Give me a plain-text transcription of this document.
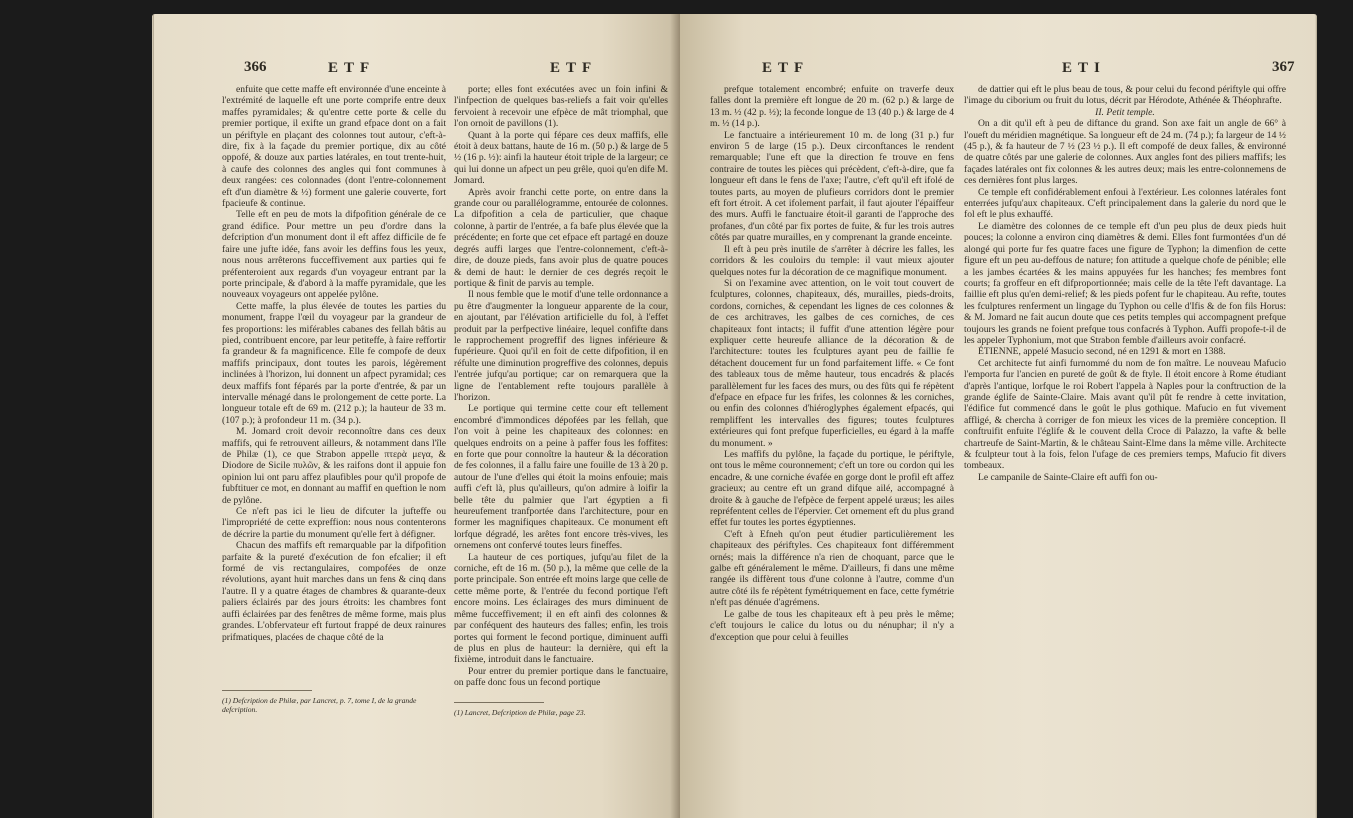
366	ETF	ETF

enfuite que cette maffe eft environnée d'une enceinte à l'extrémité de laquelle eft une porte comprife entre deux maffes pyramidales; & qu'entre cette porte & celle du premier portique, il exifte un grand efpace dont on a fait un périftyle en plaçant des colonnes tout autour, c'eft-à-dire, fix à la façade du premier portique, dix au côté oppofé, & douze aux parties latérales, en tout trente-huit, à caufe des colonnes des angles qui font communes à deux rangées: ces colonnades (dont l'entre-colonnement eft d'un diamètre & ½) forment une galerie couverte, fort fpacieufe & continue.

Telle eft en peu de mots la difpofition générale de ce grand édifice. Pour mettre un peu d'ordre dans la defcription d'un monument dont il eft affez difficile de fe faire une jufte idée, fans avoir les deffins fous les yeux, nous nous arrêterons fucceffivement aux parties qui fe préfenteroient aux regards d'un voyageur entrant par la porte principale, & d'abord à la maffe pyramidale, que les nouveaux voyageurs ont appelée pylône.

Cette maffe, la plus élevée de toutes les parties du monument, frappe l'œil du voyageur par la grandeur de fes proportions: les miférables cabanes des fellah bâtis au pied, contribuent encore, par leur petiteffe, à faire reffortir fa grandeur & fa magnificence. Elle fe compofe de deux maffifs principaux, dont toutes les parois, légèrement inclinées à l'horizon, lui donnent un afpect pyramidal; ces deux maffifs font féparés par la porte d'entrée, & par un intervalle ménagé dans le prolongement de cette porte. La longueur totale eft de 69 m. (212 p.); la hauteur de 33 m. (107 p.); à profondeur 11 m. (34 p.).

M. Jomard croit devoir reconnoître dans ces deux maffifs, qui fe retrouvent ailleurs, & notamment dans l'île de Philæ (1), ce que Strabon appelle πτερὰ μεγα, & Diodore de Sicile πυλῶν, & les raifons dont il appuie fon opinion lui ont paru affez plaufibles pour qu'il propofe de fubftituer ce mot, en donnant au maffif en queftion le nom de pylône.

Ce n'eft pas ici le lieu de difcuter la jufteffe ou l'impropriété de cette expreffion: nous nous contenterons de décrire la partie du monument qu'elle fert à défigner.

Chacun des maffifs eft remarquable par la difpofition parfaite & la pureté d'exécution de fon efcalier; il eft formé de vis rectangulaires, compofées de onze révolutions, ayant huit marches dans un fens & cinq dans l'autre. Il y a quatre étages de chambres & quarante-deux paliers éclairés par des jours étroits: les chambres font auffi éclairées par des fenêtres de même forme, mais plus grandes. L'obfervateur eft furtout frappé de deux rainures prifmatiques, placées de chaque côté de la

(1) Defcription de Philæ, par Lancret, p. 7, tome I, de la grande defcription.

porte; elles font exécutées avec un foin infini & l'infpection de quelques bas-reliefs a fait voir qu'elles fervoient à recevoir une efpèce de mât triomphal, que l'on ornoit de pavillons (1).

Quant à la porte qui fépare ces deux maffifs, elle étoit à deux battans, haute de 16 m. (50 p.) & large de 5 ½ (16 p. ½): ainfi la hauteur étoit triple de la largeur; ce qui lui donne un afpect un peu grêle, quoi qu'en dife M. Jomard.

Après avoir franchi cette porte, on entre dans la grande cour ou parallélogramme, entourée de colonnes. La difpofition a cela de particulier, que chaque colonne, à partir de l'entrée, a fa bafe plus élevée que la précédente; en forte que cet efpace eft partagé en douze degrés auffi larges que l'entre-colonnement, c'eft-à-dire, de douze pieds, fans avoir plus de quatre pouces & demi de haut: le dernier de ces degrés reçoit le portique & finit de parvis au temple.

Il nous femble que le motif d'une telle ordonnance a pu être d'augmenter la longueur apparente de la cour, en ajoutant, par l'élévation artificielle du fol, à l'effet produit par la perfpective linéaire, lequel confifte dans le rapprochement progreffif des lignes inférieure & fupérieure. Quoi qu'il en foit de cette difpofition, il en réfulte une diminution progreffive des colonnes, depuis l'entrée jufqu'au portique; car on remarquera que la ligne de l'entablement refte toujours parallèle à l'horizon.

Le portique qui termine cette cour eft tellement encombré d'immondices dépofées par les fellah, que l'on voit à peine les chapiteaux des colonnes: en quelques endroits on a peine à paffer fous les foffites: en forte que pour connoître la hauteur & la décoration de fes colonnes, il a fallu faire une fouille de 13 à 20 p. autour de l'une d'elles qui étoit la moins enfouie; mais auffi c'eft là, plus qu'ailleurs, qu'on admire à loifir la belle tête du palmier que l'art égyptien a fi heureufement tranfportée dans l'architecture, pour en former les magnifiques chapiteaux. Ce monument eft lorfque dégradé, les arêtes font encore très-vives, les ornemens ont confervé toutes leurs fineffes.

La hauteur de ces portiques, jufqu'au filet de la corniche, eft de 16 m. (50 p.), la même que celle de la porte principale. Son entrée eft moins large que celle de cette même porte, & l'entrée du fecond portique l'eft encore moins. Les éclairages des murs diminuent de même fucceffivement; il en eft ainfi des colonnes & par conféquent des hauteurs des falles; enfin, les trois portes qui forment le fecond portique, diminuent auffi de plus en plus de hauteur: la dernière, qui eft la fixième, introduit dans le fanctuaire.

Pour entrer du premier portique dans le fanctuaire, on paffe donc fous un fecond portique

(1) Lancret, Defcription de Philæ, page 23.
ETF	ETI	367

prefque totalement encombré; enfuite on traverfe deux falles dont la première eft longue de 20 m. (62 p.) & large de 13 m. ½ (42 p. ½); la feconde longue de 13 (40 p.) & large de 4 m. ½ (14 p.).

Le fanctuaire a intérieurement 10 m. de long (31 p.) fur environ 5 de large (15 p.). Deux circonftances le rendent remarquable; l'une eft que la direction fe trouve en fens contraire de toutes les pièces qui précèdent, c'eft-à-dire, que fa longueur eft dans le fens de l'axe; l'autre, c'eft qu'il eft ifolé de toutes parts, au moyen de plufieurs corridors dont le premier eft fort étroit. A cet ifolement parfait, il faut ajouter l'épaiffeur des murs. Auffi le fanctuaire étoit-il garanti de l'approche des profanes, d'un côté par fix portes de fuite, & fur les trois autres côtés par quatre murailles, en y comprenant la grande enceinte.

Il eft à peu près inutile de s'arrêter à décrire les falles, les corridors & les couloirs du temple: il vaut mieux ajouter quelques notes fur la décoration de ce magnifique monument.

Si on l'examine avec attention, on le voit tout couvert de fculptures, colonnes, chapiteaux, dés, murailles, pieds-droits, cordons, corniches, & cependant les lignes de ces colonnes & de ces architraves, les galbes de ces corniches, de ces chapiteaux font intacts; il fuffit d'une attention légère pour expliquer cette heureufe alliance de la décoration & de l'architecture: toutes les fculptures ayant peu de faillie fe détachent doucement fur un fond parfaitement liffe. « Ce font des tableaux tous de même hauteur, tous encadrés & placés parallèlement fur les faces des murs, ou des fûts qui fe répètent d'efpace en efpace fur les frifes, les colonnes & les corniches, ou enfin des colonnes d'hiéroglyphes également efpacés, qui rempliffent les intervalles des figures; toutes fculptures extérieures qui font prefque fuperficielles, eu égard à la maffe du monument. »

Les maffifs du pylône, la façade du portique, le périftyle, ont tous le même couronnement; c'eft un tore ou cordon qui les encadre, & une corniche évafée en gorge dont le profil eft affez gracieux; au centre eft un grand difque ailé, accompagné à droite & à gauche de l'efpèce de ferpent appelé uræus; les ailes repréfentent celles de l'épervier. Cet ornement eft du plus grand effet fur toutes les portes égyptiennes.

C'eft à Efneh qu'on peut étudier particulièrement les chapiteaux des périftyles. Ces chapiteaux font différemment ornés; mais la différence n'a rien de choquant, parce que le galbe eft généralement le même. D'ailleurs, fi dans une même rangée ils diffèrent tous d'une colonne à l'autre, comme d'un autre côté ils fe répètent fymétriquement en face, cette fymétrie n'eft pas dénuée d'agrémens.

Le galbe de tous les chapiteaux eft à peu près le même; c'eft toujours le calice du lotus ou du nénuphar; il n'y a d'exception que pour celui à feuilles

de dattier qui eft le plus beau de tous, & pour celui du fecond périftyle qui offre l'image du ciborium ou fruit du lotus, décrit par Hérodote, Athénée & Théophrafte.

II. Petit temple.

On a dit qu'il eft à peu de diftance du grand. Son axe fait un angle de 66° à l'oueft du méridien magnétique. Sa longueur eft de 24 m. (74 p.); fa largeur de 14 ½ (45 p.), & fa hauteur de 7 ½ (23 ½ p.). Il eft compofé de deux falles, & environné de quatre côtés par une galerie de colonnes. Aux angles font des piliers maffifs; les façades latérales ont fix colonnes & les autres deux; mais les entre-colonnemens de ces dernières font plus larges.

Ce temple eft confidérablement enfoui à l'extérieur. Les colonnes latérales font enterrées jufqu'aux chapiteaux. C'eft principalement dans la galerie du nord que le fol eft le plus exhauffé.

Le diamètre des colonnes de ce temple eft d'un peu plus de deux pieds huit pouces; la colonne a environ cinq diamètres & demi. Elles font furmontées d'un dé alongé qui porte fur fes quatre faces une figure de Typhon; la dimenfion de cette figure eft un peu au-deffous de nature; fon attitude a quelque chofe de pénible; elle a les jambes écartées & les mains appuyées fur les hanches; fes membres font courts; fa groffeur en eft difproportionnée; mais celle de la tête l'eft davantage. La faillie eft plus qu'en demi-relief; & les pieds pofent fur le chapiteau. Au refte, toutes les fculptures renferment un lingage du Typhon ou celle d'Ifis & de fon fils Horus: & M. Jomard ne fait aucun doute que ces petits temples qui accompagnent prefque toujours les grands ne foient prefque tous confacrés à Typhon. Auffi propofe-t-il de les appeler Typhonium, mot que Strabon femble d'ailleurs avoir confacré.

ÉTIENNE, appelé Masucio second, né en 1291 & mort en 1388.

Cet architecte fut ainfi furnommé du nom de fon maître. Le nouveau Mafucio l'emporta fur l'ancien en pureté de goût & de ftyle. Il étoit encore à Rome étudiant d'après l'antique, lorfque le roi Robert l'appela à Naples pour la conftruction de la grande églife de Sainte-Claire. Mais avant qu'il pût fe rendre à cette invitation, l'édifice fut commencé dans le goût le plus gothique. Mafucio en fut vivement affligé, & chercha à corriger de fon mieux les vices de la première conception. Il conftruifit enfuite l'églife & le couvent della Croce di Palazzo, la vafte & belle chartreufe de Saint-Martin, & le château Saint-Elme dans la même ville. Architecte & fculpteur tout à la fois, felon l'ufage de ces premiers temps, Mafucio fit divers tombeaux.

Le campanile de Sainte-Claire eft auffi fon ou-
